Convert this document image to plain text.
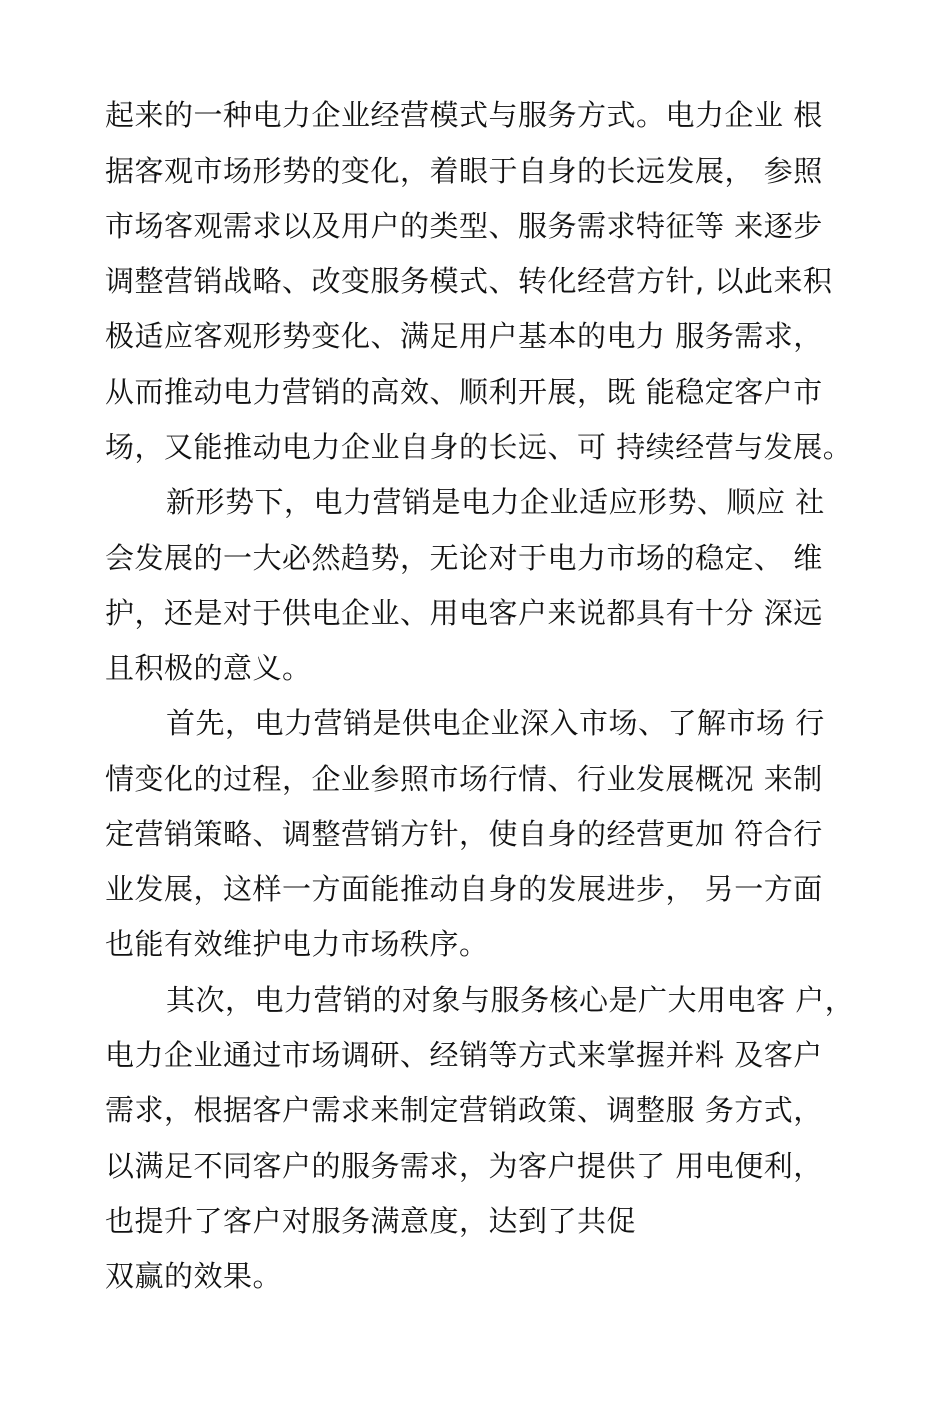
起来的一种电力企业经营模式与服务方式。电力企业 根
据客观市场形势的变化，着眼于自身的长远发展， 参照
市场客观需求以及用户的类型、服务需求特征等 来逐步
调整营销战略、改变服务模式、转化经营方针, 以此来积
极适应客观形势变化、满足用户基本的电力 服务需求，
从而推动电力营销的高效、顺利开展，既 能稳定客户市
场，又能推动电力企业自身的长远、可 持续经营与发展。
新形势下，电力营销是电力企业适应形势、顺应 社
会发展的一大必然趋势，无论对于电力市场的稳定、 维
护，还是对于供电企业、用电客户来说都具有十分 深远
且积极的意义。
首先，电力营销是供电企业深入市场、了解市场 行
情变化的过程，企业参照市场行情、行业发展概况 来制
定营销策略、调整营销方针，使自身的经营更加 符合行
业发展，这样一方面能推动自身的发展进步， 另一方面
也能有效维护电力市场秩序。
其次，电力营销的对象与服务核心是广大用电客 户，
电力企业通过市场调研、经销等方式来掌握并料 及客户
需求，根据客户需求来制定营销政策、调整服 务方式，
以满足不同客户的服务需求，为客户提供了 用电便利，
也提升了客户对服务满意度，达到了共促
双赢的效果。
